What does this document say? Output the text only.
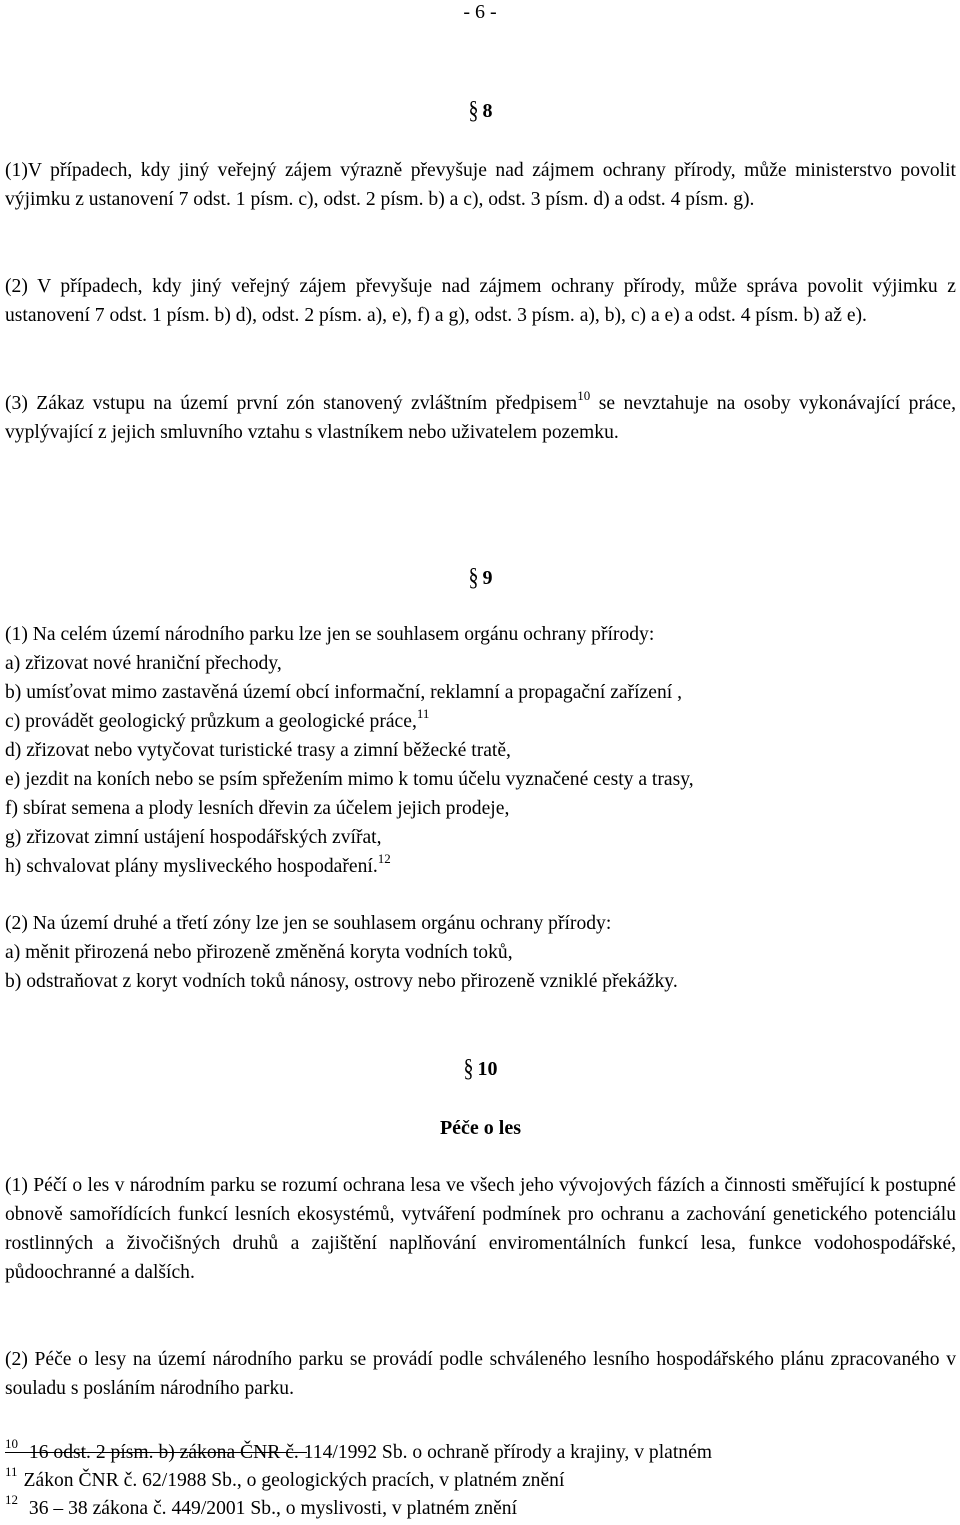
- 6 -
§ 8

(1)V případech, kdy jiný veřejný zájem výrazně převyšuje nad zájmem ochrany přírody, může ministerstvo povolit výjimku z ustanovení 7 odst. 1 písm. c), odst. 2 písm. b) a c), odst. 3 písm. d) a odst. 4 písm. g).

(2) V případech, kdy jiný veřejný zájem převyšuje nad zájmem ochrany přírody, může správa povolit výjimku z ustanovení 7 odst. 1 písm. b) d), odst. 2 písm. a), e), f) a g), odst. 3 písm. a), b), c) a e) a odst. 4 písm. b) až e).

(3) Zákaz vstupu na území první zón stanovený zvláštním předpisem$^{10}$ se nevztahuje na osoby vykonávající práce, vyplývající z jejich smluvního vztahu s vlastníkem nebo uživatelem pozemku.

§ 9
(1) Na celém území národního parku lze jen se souhlasem orgánu ochrany přírody:
a) zřizovat nové hraniční přechody,
b) umísťovat mimo zastavěná území obcí informační, reklamní a propagační zařízení ,
c) provádět geologický průzkum a geologické práce,$^{11}$
d) zřizovat nebo vytyčovat turistické trasy a zimní běžecké tratě,
e) jezdit na koních nebo se psím spřežením mimo k tomu účelu vyznačené cesty a trasy,
f) sbírat semena a plody lesních dřevin za účelem jejich prodeje,
g) zřizovat zimní ustájení hospodářských zvířat,
h) schvalovat plány mysliveckého hospodaření.$^{12}$
(2) Na území druhé a třetí zóny lze jen se souhlasem orgánu ochrany přírody:
a) měnit přirozená nebo přirozeně změněná koryta vodních toků,
b) odstraňovat z koryt vodních toků nánosy, ostrovy nebo přirozeně vzniklé překážky.
§ 10
Péče o les

(1) Péčí o les v národním parku se rozumí ochrana lesa ve všech jeho vývojových fázích a činnosti směřující k postupné obnově samořídících funkcí lesních ekosystémů, vytváření podmínek pro ochranu a zachování genetického potenciálu rostlinných a živočišných druhů a zajištění naplňování enviromentálních funkcí lesa, funkce vodohospodářské, půdoochranné a dalších.

(2) Péče o lesy na území národního parku se provádí podle schváleného lesního hospodářského plánu zpracovaného v souladu s posláním národního parku.

$^{10}$ 16 odst. 2 písm. b) zákona ČNR č. 114/1992 Sb. o ochraně přírody a krajiny, v platném
$^{11}$ Zákon ČNR č. 62/1988 Sb., o geologických pracích, v platném znění
$^{12}$ 36 – 38 zákona č. 449/2001 Sb., o myslivosti, v platném znění
